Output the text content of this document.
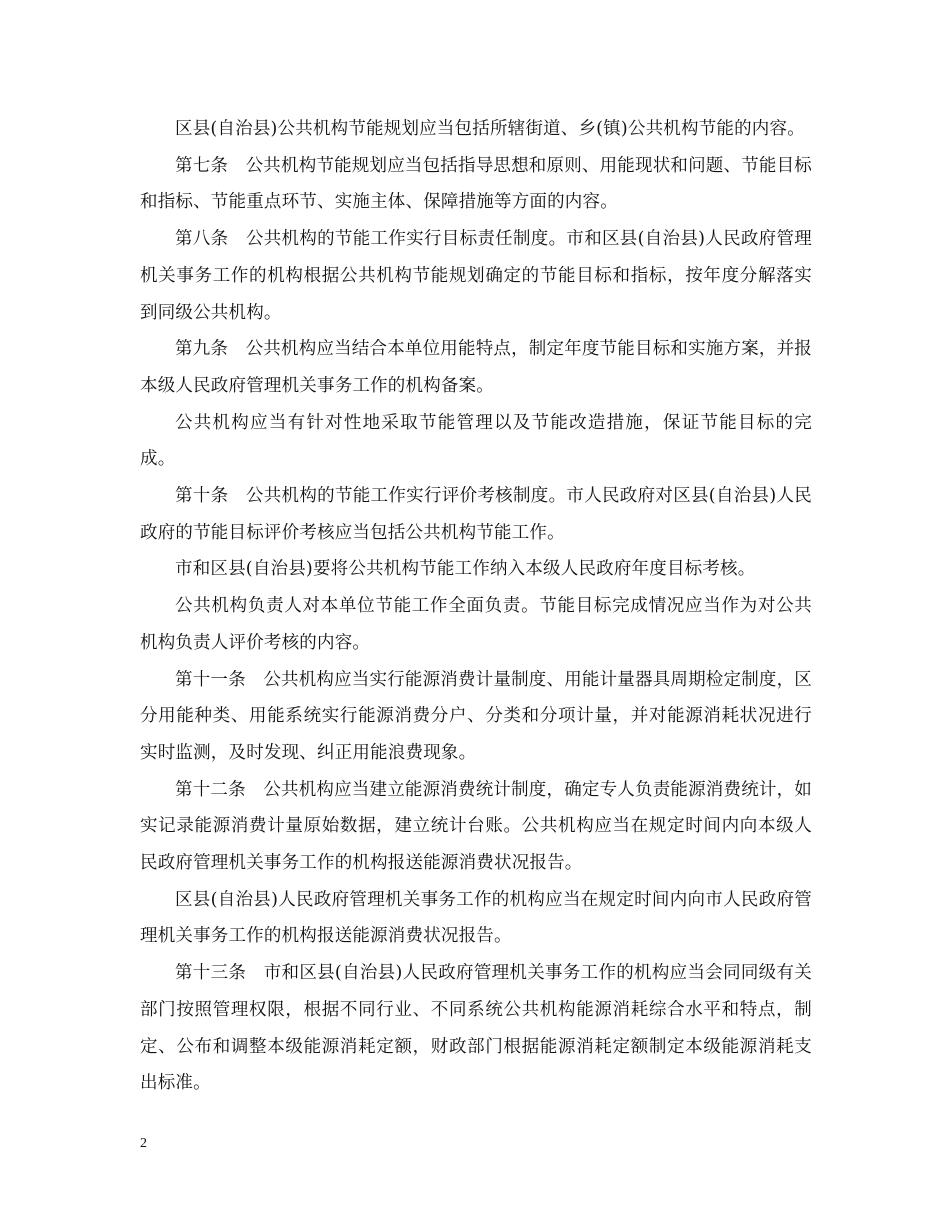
区县(自治县)公共机构节能规划应当包括所辖街道、乡(镇)公共机构节能的内容。

第七条 公共机构节能规划应当包括指导思想和原则、用能现状和问题、节能目标和指标、节能重点环节、实施主体、保障措施等方面的内容。

第八条 公共机构的节能工作实行目标责任制度。市和区县(自治县)人民政府管理机关事务工作的机构根据公共机构节能规划确定的节能目标和指标，按年度分解落实到同级公共机构。

第九条 公共机构应当结合本单位用能特点，制定年度节能目标和实施方案，并报本级人民政府管理机关事务工作的机构备案。

公共机构应当有针对性地采取节能管理以及节能改造措施，保证节能目标的完成。

第十条 公共机构的节能工作实行评价考核制度。市人民政府对区县(自治县)人民政府的节能目标评价考核应当包括公共机构节能工作。

市和区县(自治县)要将公共机构节能工作纳入本级人民政府年度目标考核。

公共机构负责人对本单位节能工作全面负责。节能目标完成情况应当作为对公共机构负责人评价考核的内容。

第十一条 公共机构应当实行能源消费计量制度、用能计量器具周期检定制度，区分用能种类、用能系统实行能源消费分户、分类和分项计量，并对能源消耗状况进行实时监测，及时发现、纠正用能浪费现象。

第十二条 公共机构应当建立能源消费统计制度，确定专人负责能源消费统计，如实记录能源消费计量原始数据，建立统计台账。公共机构应当在规定时间内向本级人民政府管理机关事务工作的机构报送能源消费状况报告。

区县(自治县)人民政府管理机关事务工作的机构应当在规定时间内向市人民政府管理机关事务工作的机构报送能源消费状况报告。

第十三条 市和区县(自治县)人民政府管理机关事务工作的机构应当会同同级有关部门按照管理权限，根据不同行业、不同系统公共机构能源消耗综合水平和特点，制定、公布和调整本级能源消耗定额，财政部门根据能源消耗定额制定本级能源消耗支出标准。

2
